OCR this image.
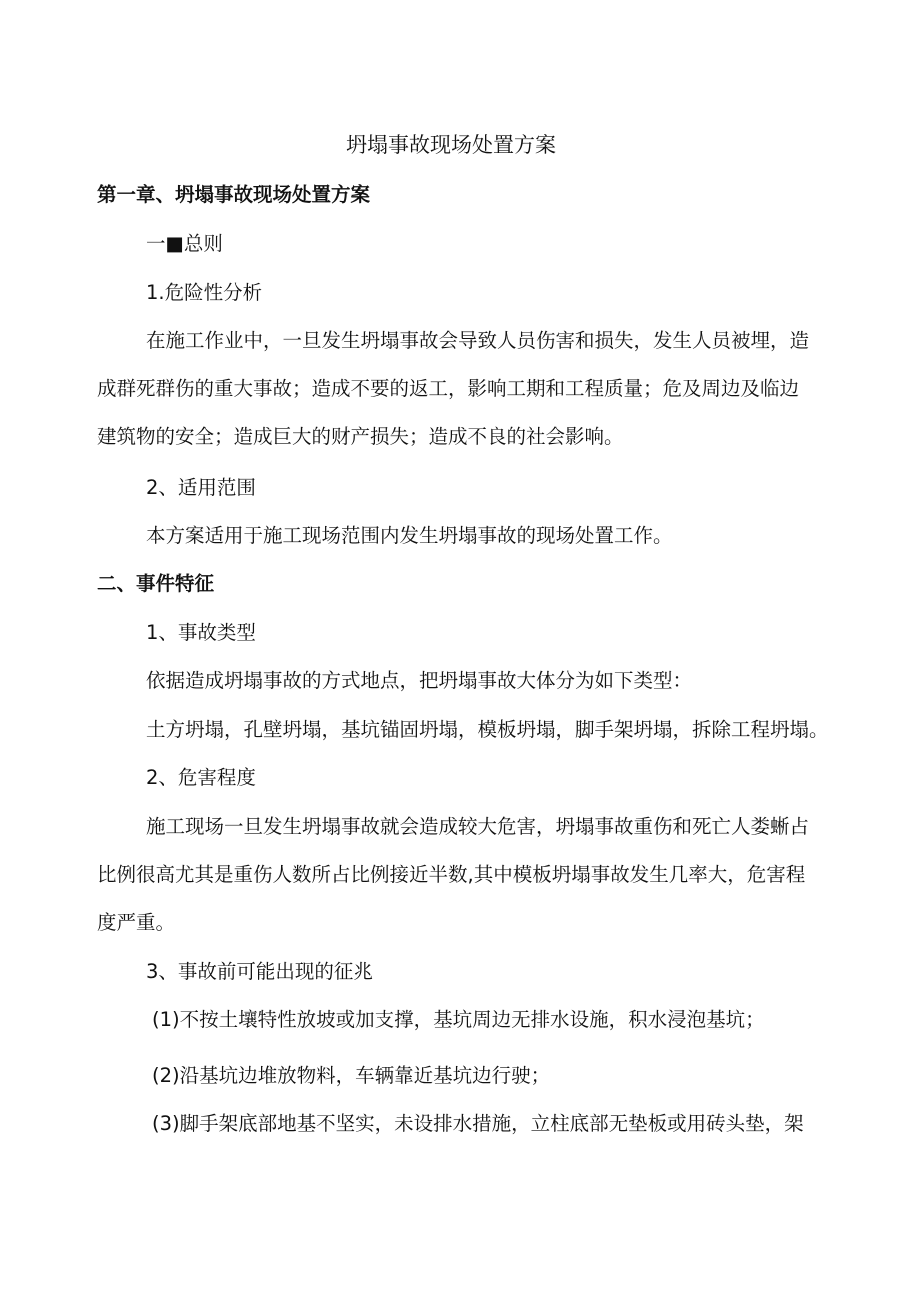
坍塌事故现场处置方案
第一章、坍塌事故现场处置方案
一■总则
1.危险性分析
在施工作业中，一旦发生坍塌事故会导致人员伤害和损失，发生人员被埋，造
成群死群伤的重大事故；造成不要的返工，影响工期和工程质量；危及周边及临边
建筑物的安全；造成巨大的财产损失；造成不良的社会影响。
2、适用范围
本方案适用于施工现场范围内发生坍塌事故的现场处置工作。
二、事件特征
1、事故类型
依据造成坍塌事故的方式地点，把坍塌事故大体分为如下类型：
土方坍塌，孔壁坍塌，基坑锚固坍塌，模板坍塌，脚手架坍塌，拆除工程坍塌。
2、危害程度
施工现场一旦发生坍塌事故就会造成较大危害，坍塌事故重伤和死亡人娄蜥占
比例很高尤其是重伤人数所占比例接近半数,其中模板坍塌事故发生几率大，危害程
度严重。
3、事故前可能出现的征兆
(1)不按土壤特性放坡或加支撑，基坑周边无排水设施，积水浸泡基坑；
(2)沿基坑边堆放物料，车辆靠近基坑边行驶；
(3)脚手架底部地基不坚实，未设排水措施，立柱底部无垫板或用砖头垫，架
